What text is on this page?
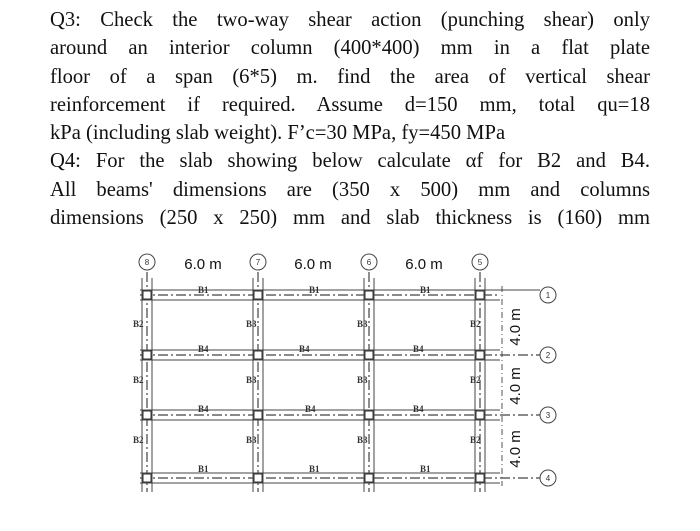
Q3: Check the two-way shear action (punching shear) only
around an interior column (400*400) mm in a flat plate
floor of a span (6*5) m. find the area of vertical shear
reinforcement if required. Assume d=150 mm, total qu=18
kPa (including slab weight). F’c=30 MPa, fy=450 MPa
Q4: For the slab showing below calculate αf for B2 and B4.
All beams' dimensions are (350 x 500) mm and columns
dimensions (250 x 250) mm and slab thickness is (160) mm
8	7	6	5
6.0 m	6.0 m	6.0 m
1
2
3
4
4.0 m
4.0 m
4.0 m
B1	B1	B1
B1	B1	B1
B4	B4	B4
B4	B4	B4
B2
B2
B2
B2
B2
B2
B3
B3
B3
B3
B3
B3
